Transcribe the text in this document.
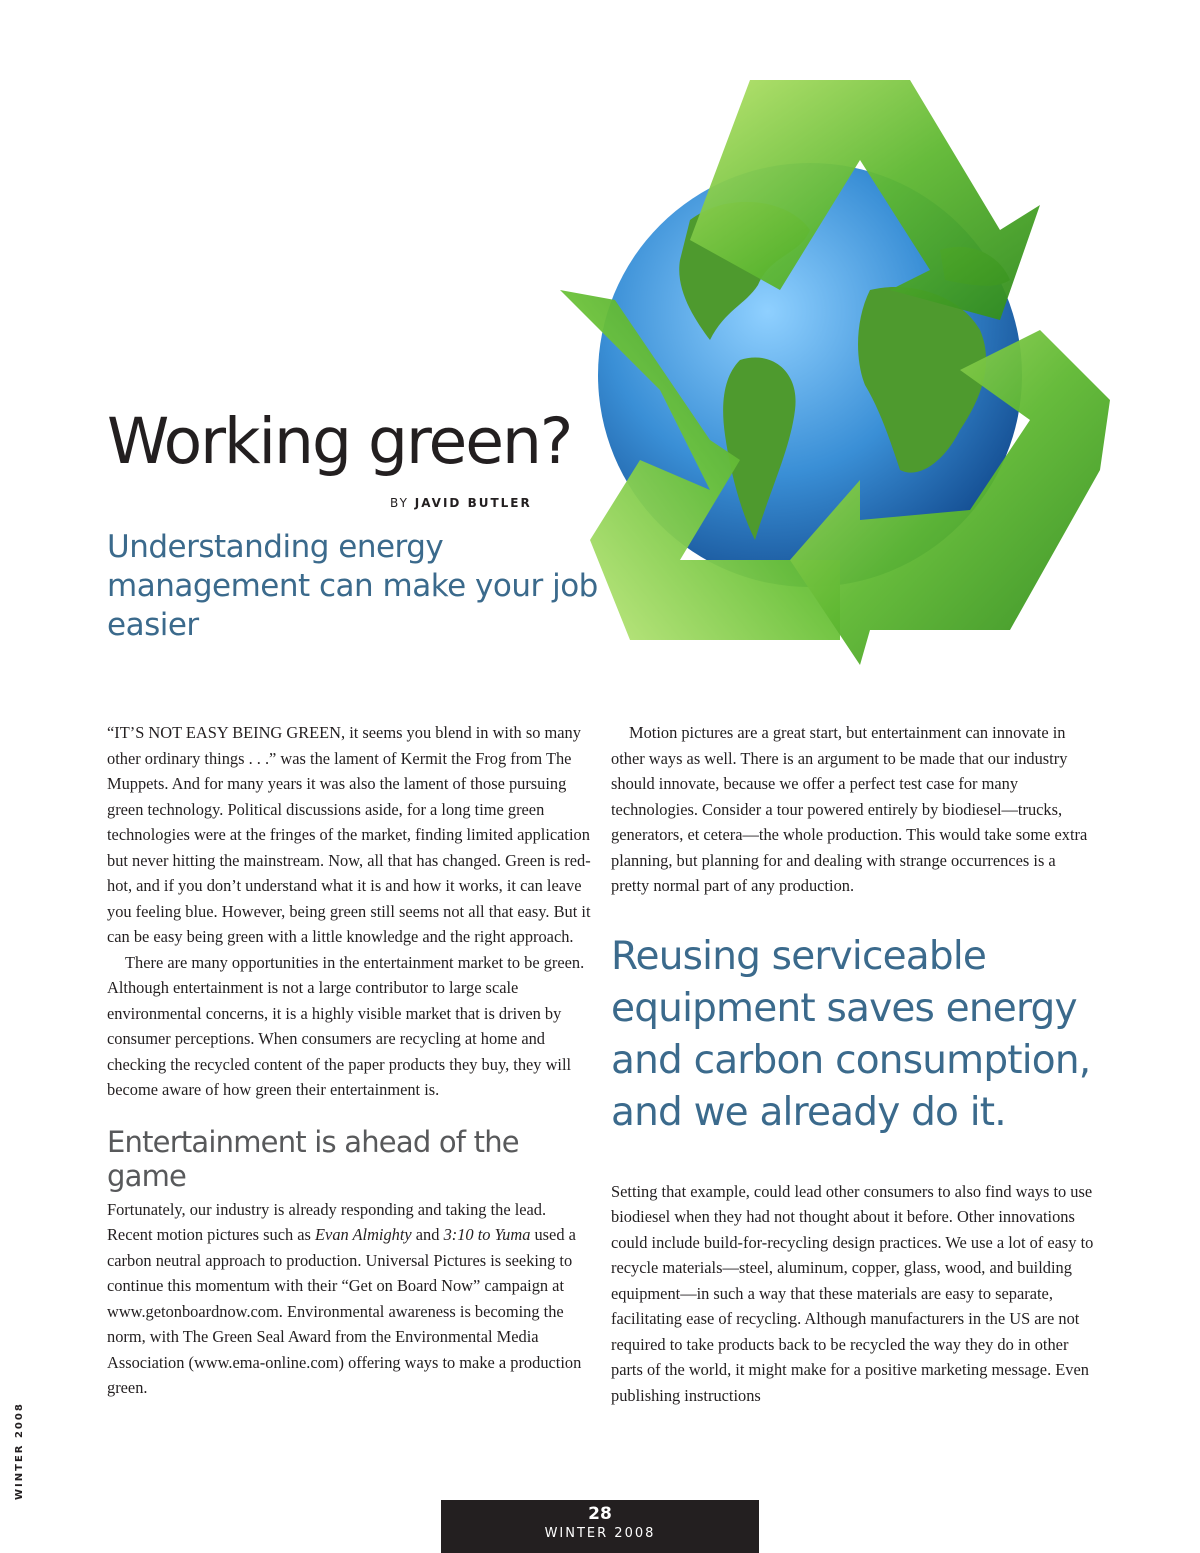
Working green?
BY JAVID BUTLER
Understanding energy management can make your job easier

“IT’S NOT EASY BEING GREEN, it seems you blend in with so many other ordinary things . . .” was the lament of Kermit the Frog from The Muppets. And for many years it was also the lament of those pursuing green technology. Political discussions aside, for a long time green technologies were at the fringes of the market, finding limited application but never hitting the mainstream. Now, all that has changed. Green is red-hot, and if you don’t understand what it is and how it works, it can leave you feeling blue. However, being green still seems not all that easy. But it can be easy being green with a little knowledge and the right approach.

There are many opportunities in the entertainment market to be green. Although entertainment is not a large contributor to large scale environmental concerns, it is a highly visible market that is driven by consumer perceptions. When consumers are recycling at home and checking the recycled content of the paper products they buy, they will become aware of how green their entertainment is.

Entertainment is ahead of the game

Fortunately, our industry is already responding and taking the lead. Recent motion pictures such as Evan Almighty and 3:10 to Yuma used a carbon neutral approach to production. Universal Pictures is seeking to continue this momentum with their “Get on Board Now” campaign at www.getonboardnow.com. Environmental awareness is becoming the norm, with The Green Seal Award from the Environmental Media Association (www.ema-online.com) offering ways to make a production green.

Motion pictures are a great start, but entertainment can innovate in other ways as well. There is an argument to be made that our industry should innovate, because we offer a perfect test case for many technologies. Consider a tour powered entirely by biodiesel—trucks, generators, et cetera—the whole production. This would take some extra planning, but planning for and dealing with strange occurrences is a pretty normal part of any production.

Reusing serviceable equipment saves energy and carbon consumption, and we already do it.

Setting that example, could lead other consumers to also find ways to use biodiesel when they had not thought about it before. Other innovations could include build-for-recycling design practices. We use a lot of easy to recycle materials—steel, aluminum, copper, glass, wood, and building equipment—in such a way that these materials are easy to separate, facilitating ease of recycling. Although manufacturers in the US are not required to take products back to be recycled the way they do in other parts of the world, it might make for a positive marketing message. Even publishing instructions

WINTER 2008
28
WINTER 2008
